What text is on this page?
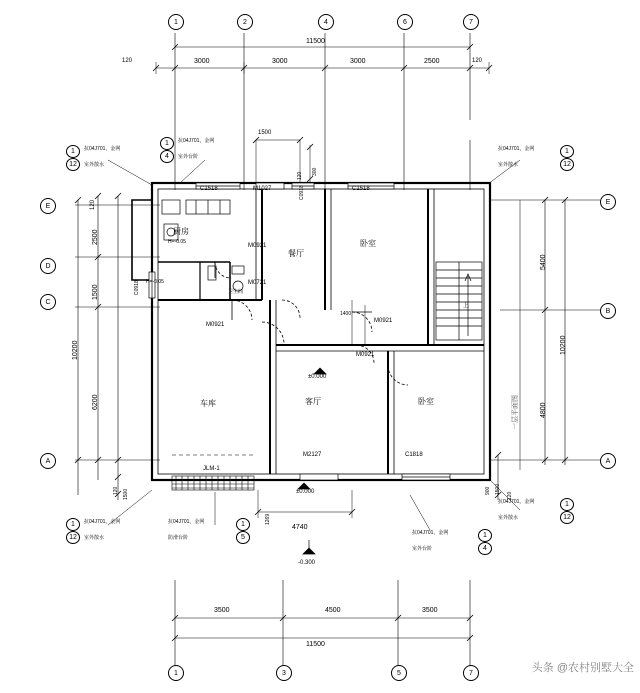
1	2	4	6	7
11500
120	3000	3000	3000	2500	120
1	3	5	7
3500	4500	3500
11500
E
D
C
A
120
2500
1500
6200
10200
120 1500
E
B
A
5400
4800
10200
厨房
H=-0.05
餐厅
卧室
车库	客厅	卧室
H=-0.05
卫生间
C1518	M1027	C0918	C1518
C0918
M0921
M0721
M0921
M0921
M0921
M2127	C1818
JLM-1
±0.000
±0.000
-0.300
上
1500
300
1400
120
120
1500
900
4740
1269
$\frac{1}{12}$ 抗04J701，金网
室外散水
$\frac{1}{4}$ 抗04J701，金网
室外台阶
抗04J701，金网
室外散水	$\frac{1}{12}$
抗04J701，金网
室外散水	$\frac{1}{12}$
$\frac{1}{12}$ 抗04J701，金网
室外散水
抗04J701，金网
防滑台阶	$\frac{1}{5}$	抗04J701，金网
室外台阶	$\frac{1}{4}$
一层平面图
头条 @农村别墅大全
